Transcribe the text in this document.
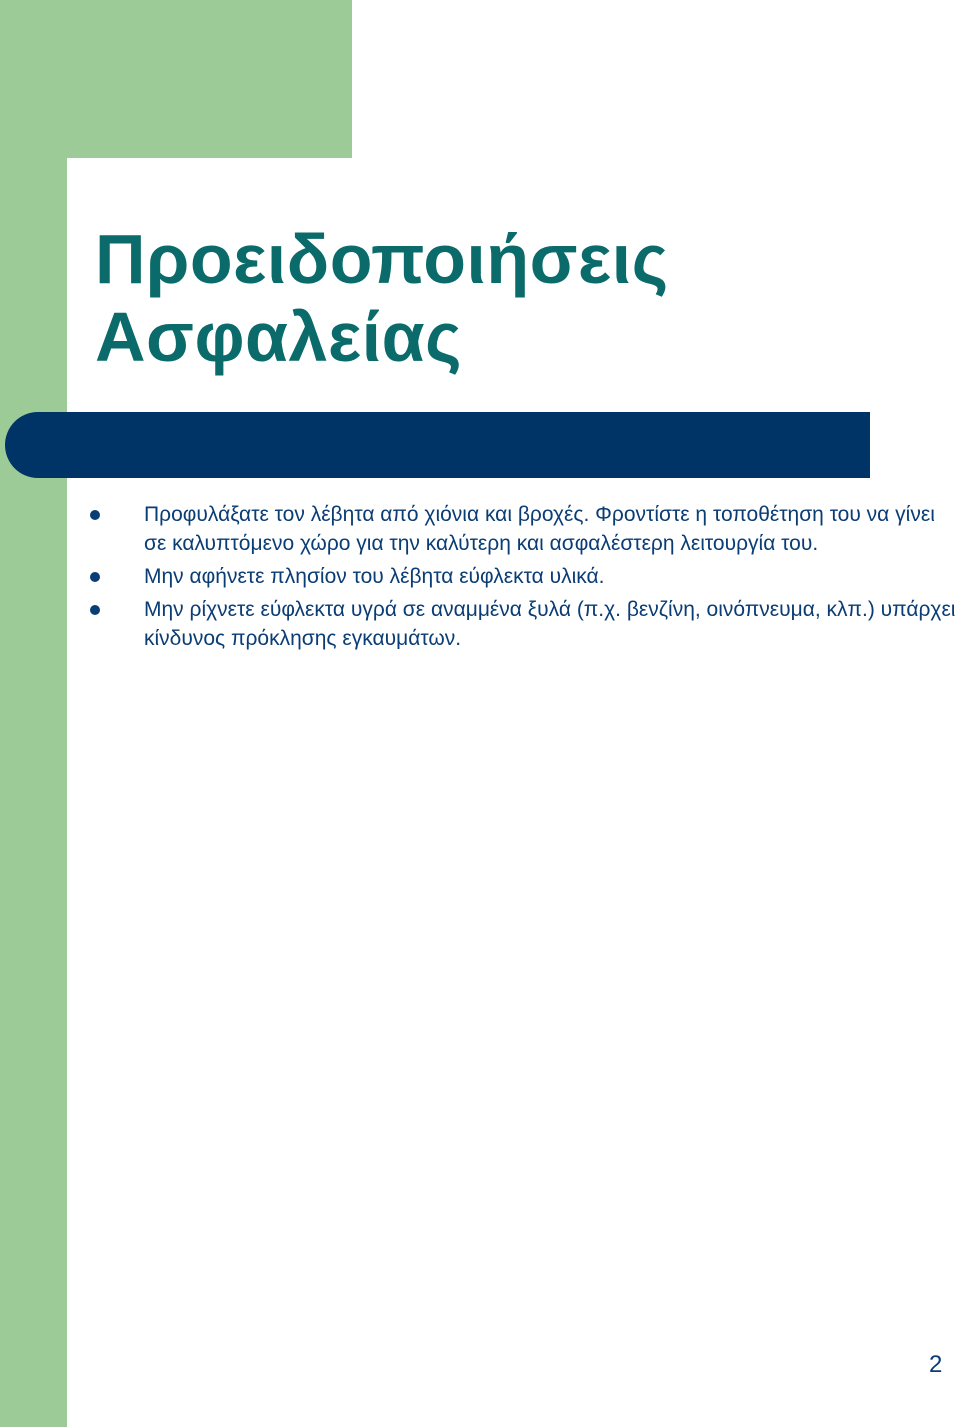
Προειδοποιήσεις
Ασφαλείας
Προφυλάξατε τον λέβητα από χιόνια και βροχές. Φροντίστε η τοποθέτηση του να γίνει σε καλυπτόμενο χώρο για την καλύτερη και ασφαλέστερη λειτουργία του.
Μην αφήνετε πλησίον του λέβητα εύφλεκτα υλικά.
Μην ρίχνετε εύφλεκτα υγρά σε αναμμένα ξυλά (π.χ. βενζίνη, οινόπνευμα, κλπ.) υπάρχει κίνδυνος πρόκλησης εγκαυμάτων.
2
